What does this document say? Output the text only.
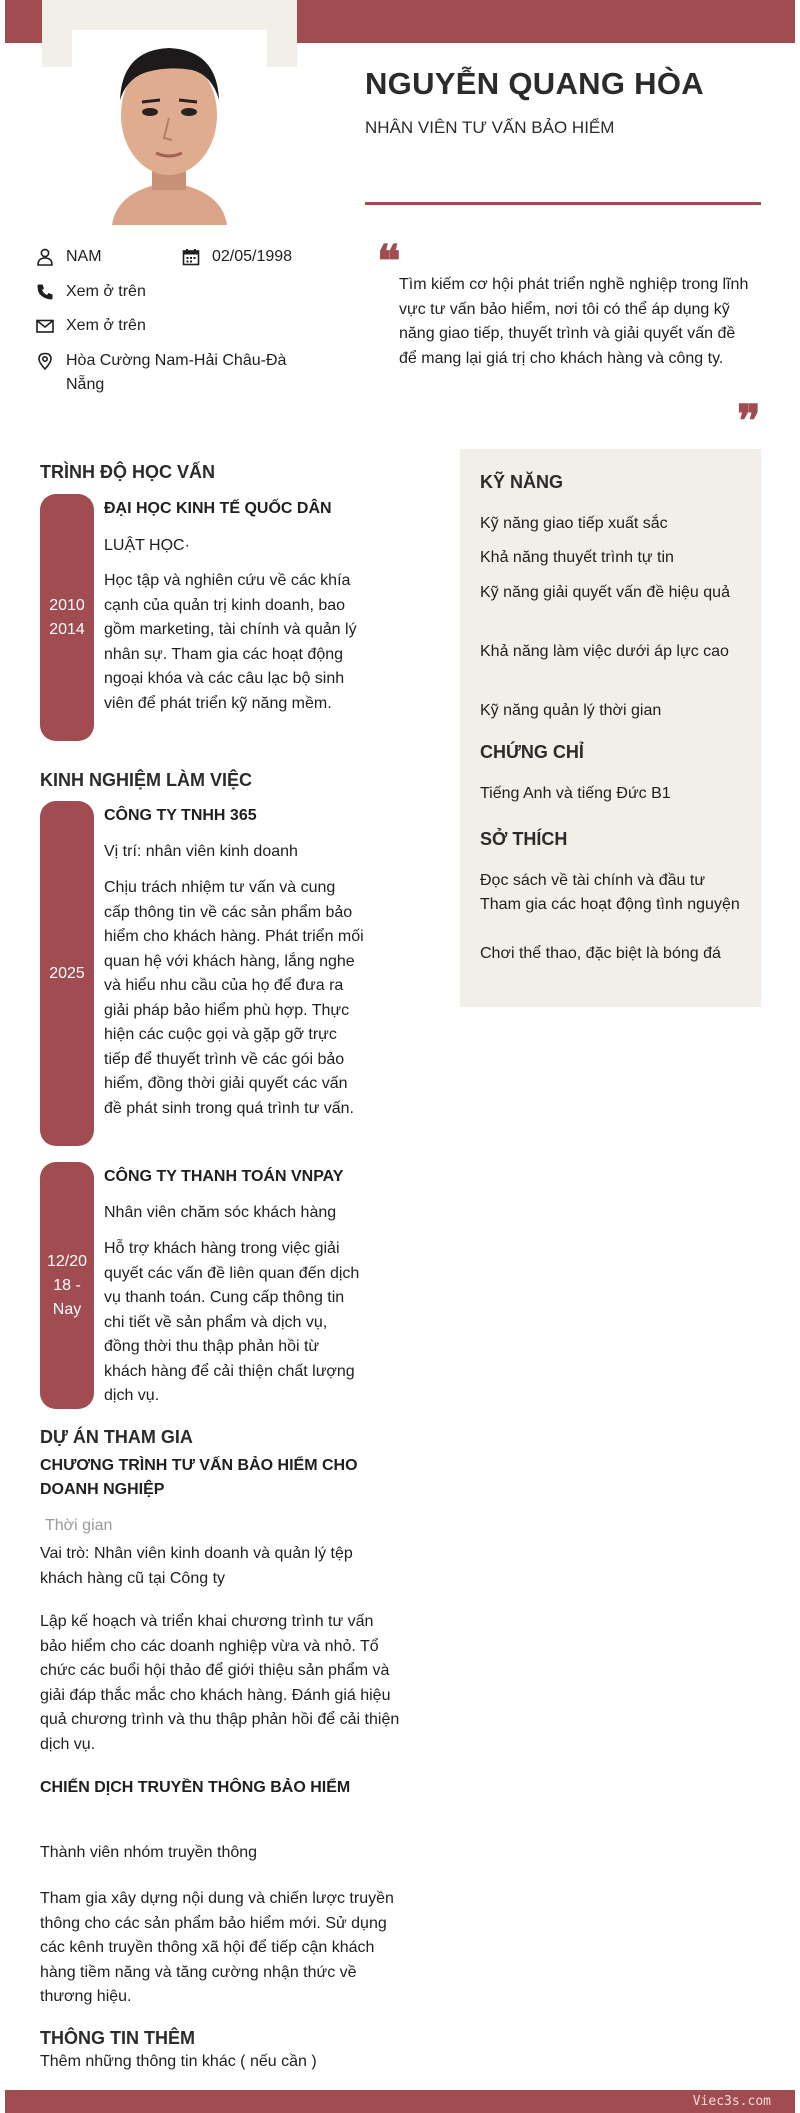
NGUYỄN QUANG HÒA
NHÂN VIÊN TƯ VẤN BẢO HIỂM
NAM	02/05/1998
Xem ở trên
Xem ở trên
Hòa Cường Nam-Hải Châu-Đà Nẵng
❝
Tìm kiếm cơ hội phát triển nghề nghiệp trong lĩnh vực tư vấn bảo hiểm, nơi tôi có thể áp dụng kỹ năng giao tiếp, thuyết trình và giải quyết vấn đề để mang lại giá trị cho khách hàng và công ty.
❞
TRÌNH ĐỘ HỌC VẤN
2010
2014
ĐẠI HỌC KINH TẾ QUỐC DÂN
LUẬT HỌC·
Học tập và nghiên cứu về các khía cạnh của quản trị kinh doanh, bao gồm marketing, tài chính và quản lý nhân sự. Tham gia các hoạt động ngoại khóa và các câu lạc bộ sinh viên để phát triển kỹ năng mềm.
KINH NGHIỆM LÀM VIỆC
2025
CÔNG TY TNHH 365
Vị trí: nhân viên kinh doanh
Chịu trách nhiệm tư vấn và cung cấp thông tin về các sản phẩm bảo hiểm cho khách hàng. Phát triển mối quan hệ với khách hàng, lắng nghe và hiểu nhu cầu của họ để đưa ra giải pháp bảo hiểm phù hợp. Thực hiện các cuộc gọi và gặp gỡ trực tiếp để thuyết trình về các gói bảo hiểm, đồng thời giải quyết các vấn đề phát sinh trong quá trình tư vấn.
12/20
18 -
Nay
CÔNG TY THANH TOÁN VNPAY
Nhân viên chăm sóc khách hàng
Hỗ trợ khách hàng trong việc giải quyết các vấn đề liên quan đến dịch vụ thanh toán. Cung cấp thông tin chi tiết về sản phẩm và dịch vụ, đồng thời thu thập phản hồi từ khách hàng để cải thiện chất lượng dịch vụ.
DỰ ÁN THAM GIA
CHƯƠNG TRÌNH TƯ VẤN BẢO HIỂM CHO DOANH NGHIỆP
Thời gian
Vai trò: Nhân viên kinh doanh và quản lý tệp khách hàng cũ tại Công ty
Lập kế hoạch và triển khai chương trình tư vấn bảo hiểm cho các doanh nghiệp vừa và nhỏ. Tổ chức các buổi hội thảo để giới thiệu sản phẩm và giải đáp thắc mắc cho khách hàng. Đánh giá hiệu quả chương trình và thu thập phản hồi để cải thiện dịch vụ.
CHIẾN DỊCH TRUYỀN THÔNG BẢO HIỂM
Thành viên nhóm truyền thông
Tham gia xây dựng nội dung và chiến lược truyền thông cho các sản phẩm bảo hiểm mới. Sử dụng các kênh truyền thông xã hội để tiếp cận khách hàng tiềm năng và tăng cường nhận thức về thương hiệu.
THÔNG TIN THÊM
Thêm những thông tin khác ( nếu cần )
KỸ NĂNG
Kỹ năng giao tiếp xuất sắc
Khả năng thuyết trình tự tin
Kỹ năng giải quyết vấn đề hiệu quả
Khả năng làm việc dưới áp lực cao
Kỹ năng quản lý thời gian
CHỨNG CHỈ
Tiếng Anh và tiếng Đức B1
SỞ THÍCH
Đọc sách về tài chính và đầu tư
Tham gia các hoạt động tình nguyện
Chơi thể thao, đặc biệt là bóng đá
Viec3s.com
